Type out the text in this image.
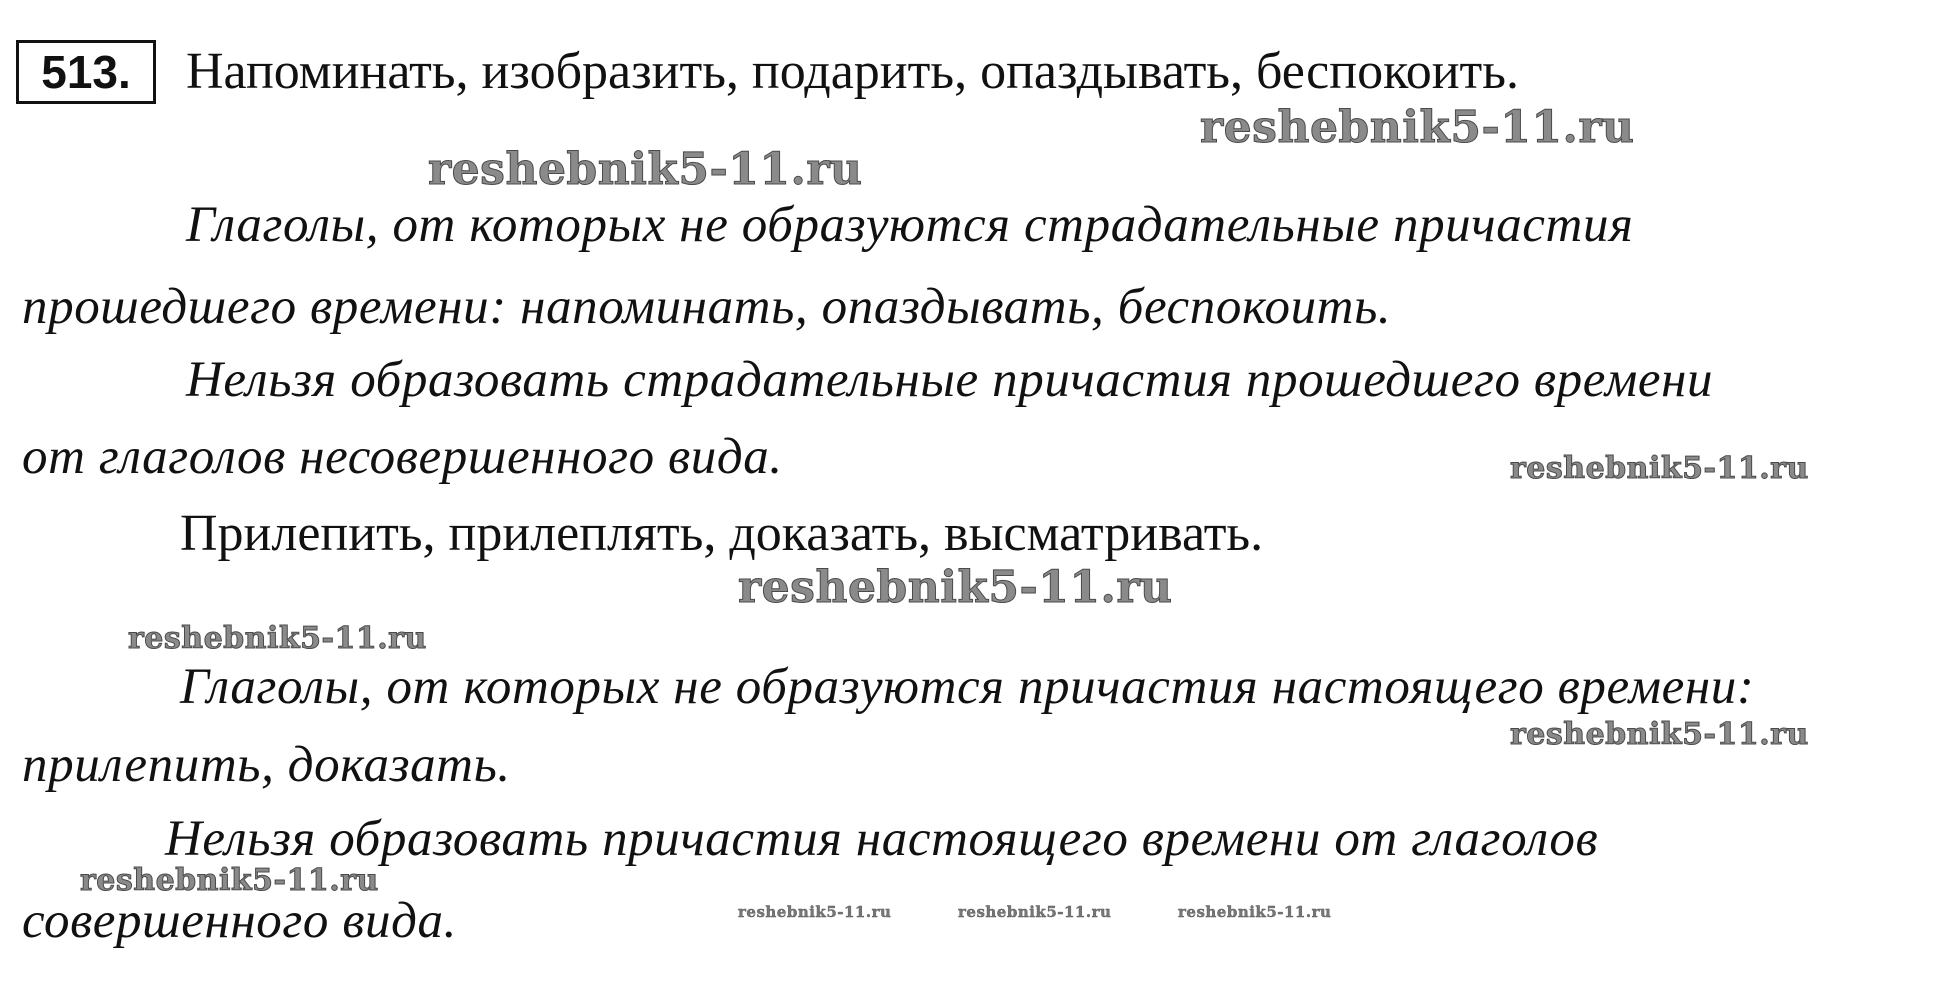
513.	Напоминать, изобразить, подарить, опаздывать, беспокоить.
reshebnik5-11.ru
reshebnik5-11.ru
Глаголы, от которых не образуются страдательные причастия
прошедшего времени: напоминать, опаздывать, беспокоить.
Нельзя образовать страдательные причастия прошедшего времени
от глаголов несовершенного вида.	reshebnik5-11.ru
Прилепить, прилеплять, доказать, высматривать.
reshebnik5-11.ru
reshebnik5-11.ru
Глаголы, от которых не образуются причастия настоящего времени:
reshebnik5-11.ru
прилепить, доказать.
Нельзя образовать причастия настоящего времени от глаголов
reshebnik5-11.ru
совершенного вида.	reshebnik5-11.ru	reshebnik5-11.ru	reshebnik5-11.ru
